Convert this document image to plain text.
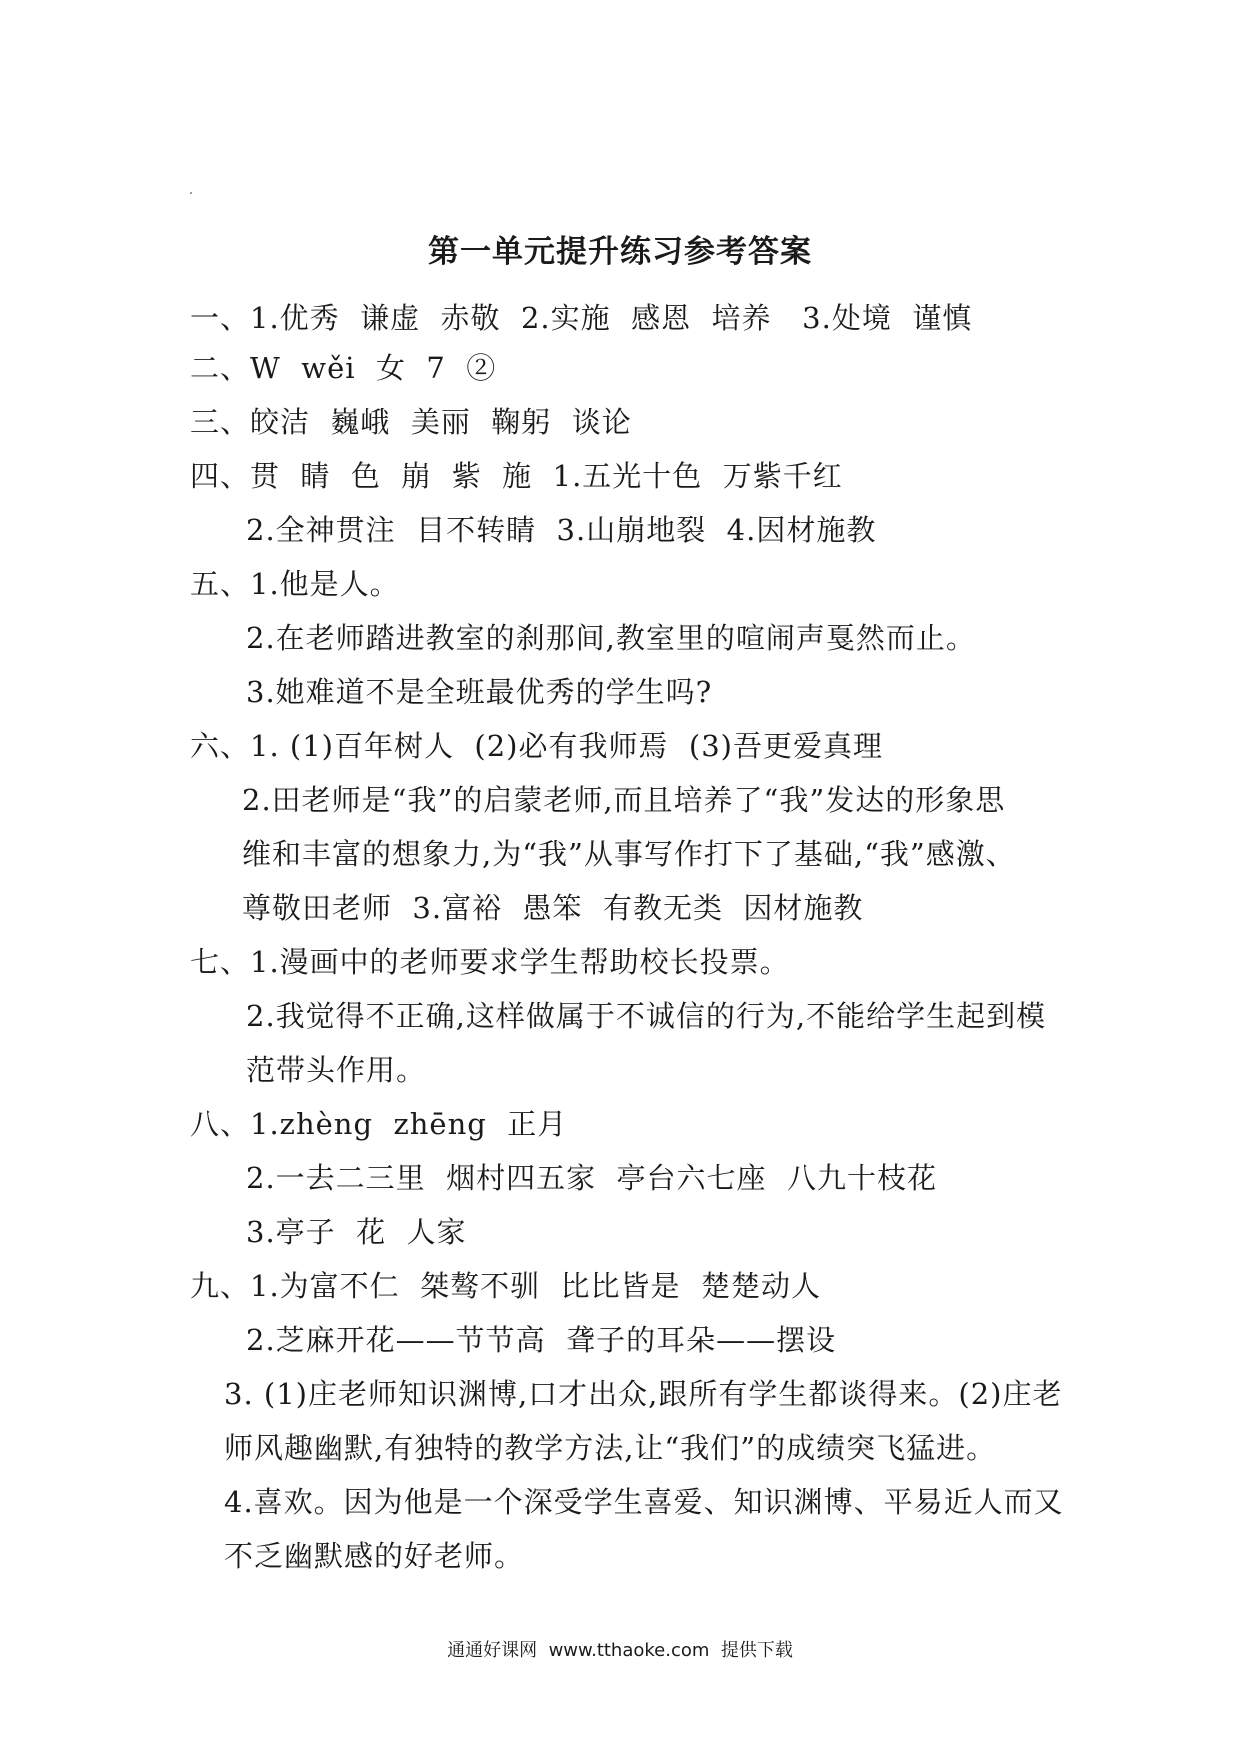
第一单元提升练习参考答案
一、1.优秀  谦虚  赤敬  2.实施  感恩  培养   3.处境  谨慎
二、W  wěi  女  7  ②
三、皎洁  巍峨  美丽  鞠躬  谈论
四、贯  睛  色  崩  紫  施  1.五光十色  万紫千红
2.全神贯注  目不转睛  3.山崩地裂  4.因材施教
五、1.他是人。
2.在老师踏进教室的刹那间,教室里的喧闹声戛然而止。
3.她难道不是全班最优秀的学生吗?
六、1. (1)百年树人  (2)必有我师焉  (3)吾更爱真理
2.田老师是“我”的启蒙老师,而且培养了“我”发达的形象思
维和丰富的想象力,为“我”从事写作打下了基础,“我”感激、
尊敬田老师  3.富裕  愚笨  有教无类  因材施教
七、1.漫画中的老师要求学生帮助校长投票。
2.我觉得不正确,这样做属于不诚信的行为,不能给学生起到模
范带头作用。
八、1.zhèng  zhēng  正月
2.一去二三里  烟村四五家  亭台六七座  八九十枝花
3.亭子  花  人家
九、1.为富不仁  桀骜不驯  比比皆是  楚楚动人
2.芝麻开花——节节高  聋子的耳朵——摆设
3. (1)庄老师知识渊博,口才出众,跟所有学生都谈得来。(2)庄老
师风趣幽默,有独特的教学方法,让“我们”的成绩突飞猛进。
4.喜欢。因为他是一个深受学生喜爱、知识渊博、平易近人而又
不乏幽默感的好老师。
通通好课网  www.tthaoke.com  提供下载
